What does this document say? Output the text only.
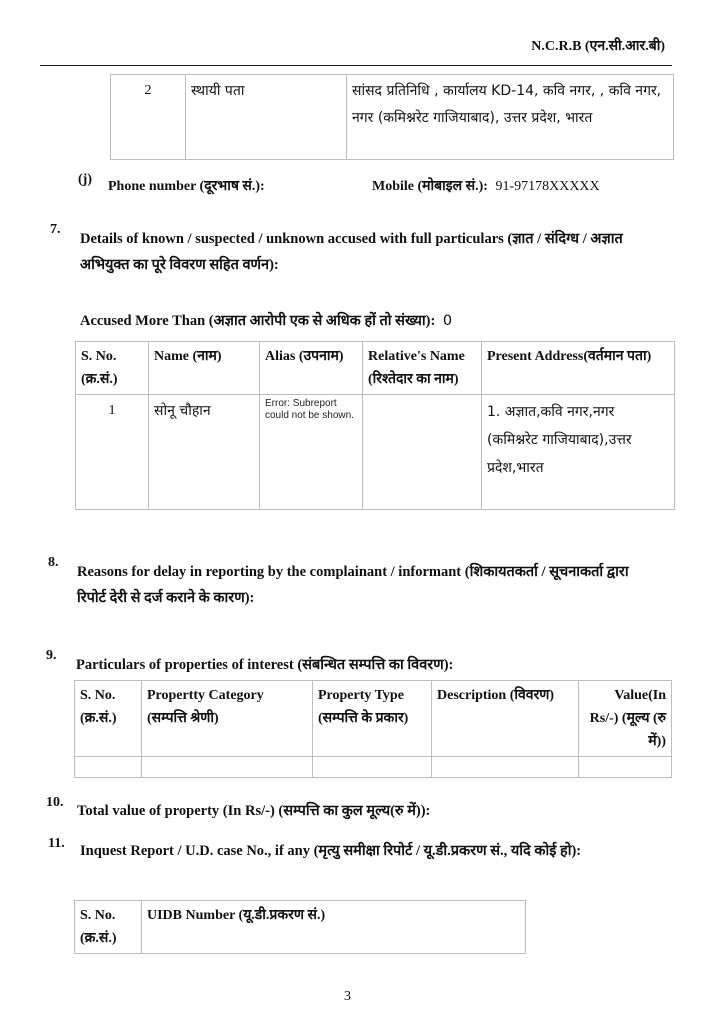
N.C.R.B (एन.सी.आर.बी)
2	स्थायी पता	सांसद प्रतिनिधि , कार्यालय KD-14, कवि नगर, , कवि नगर, नगर (कमिश्नरेट गाजियाबाद), उत्तर प्रदेश, भारत
(j) Phone number (दूरभाष सं.):	Mobile (मोबाइल सं.): 91-97178XXXXX
7.
Details of known / suspected / unknown accused with full particulars (ज्ञात / संदिग्ध / अज्ञात अभियुक्त का पूरे विवरण सहित वर्णन):
Accused More Than (अज्ञात आरोपी एक से अधिक हों तो संख्या): 0
S. No. (क्र.सं.)	Name (नाम)	Alias (उपनाम)	Relative's Name (रिश्तेदार का नाम)	Present Address(वर्तमान पता)
1	सोनू चौहान	Error: Subreport could not be shown.		1. अज्ञात,कवि नगर,नगर (कमिश्नरेट गाजियाबाद),उत्तर प्रदेश,भारत
8.
Reasons for delay in reporting by the complainant / informant (शिकायतकर्ता / सूचनाकर्ता द्वारा रिपोर्ट देरी से दर्ज कराने के कारण):
9.
Particulars of properties of interest (संबन्धित सम्पत्ति का विवरण):
S. No. (क्र.सं.)	Propertty Category (सम्पत्ति श्रेणी)	Property Type (सम्पत्ति के प्रकार)	Description (विवरण)	Value(In Rs/-) (मूल्य (रु में))

10.
Total value of property (In Rs/-) (सम्पत्ति का कुल मूल्य(रु में)):
11. Inquest Report / U.D. case No., if any (मृत्यु समीक्षा रिपोर्ट / यू.डी.प्रकरण सं., यदि कोई हो):
S. No. (क्र.सं.)	UIDB Number (यू.डी.प्रकरण सं.)
3
